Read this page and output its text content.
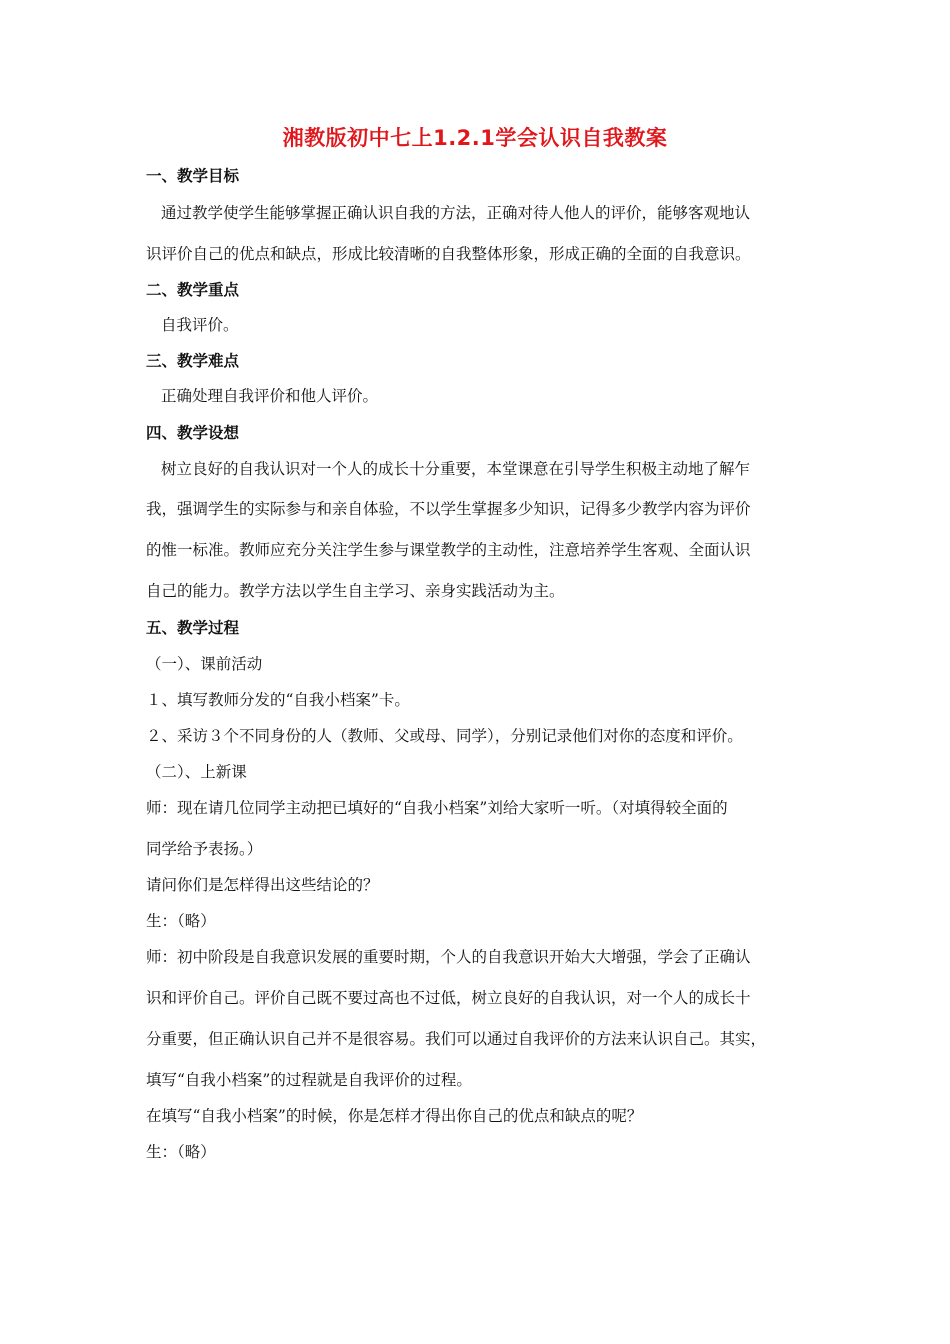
湘教版初中七上1.2.1学会认识自我教案
一、教学目标
通过教学使学生能够掌握正确认识自我的方法，正确对待人他人的评价，能够客观地认
识评价自己的优点和缺点，形成比较清晰的自我整体形象，形成正确的全面的自我意识。
二、教学重点
自我评价。
三、教学难点
正确处理自我评价和他人评价。
四、教学设想
树立良好的自我认识对一个人的成长十分重要，本堂课意在引导学生积极主动地了解乍
我，强调学生的实际参与和亲自体验，不以学生掌握多少知识，记得多少教学内容为评价
的惟一标准。教师应充分关注学生参与课堂教学的主动性，注意培养学生客观、全面认识
自己的能力。教学方法以学生自主学习、亲身实践活动为主。
五、教学过程
（一）、课前活动
１、填写教师分发的“自我小档案”卡。
２、采访３个不同身份的人（教师、父或母、同学），分别记录他们对你的态度和评价。
（二）、上新课
师：现在请几位同学主动把已填好的“自我小档案”刘给大家听一听。（对填得较全面的
同学给予表扬。）
请问你们是怎样得出这些结论的？
生：（略）
师：初中阶段是自我意识发展的重要时期，个人的自我意识开始大大增强，学会了正确认
识和评价自己。评价自己既不要过高也不过低，树立良好的自我认识，对一个人的成长十
分重要，但正确认识自己并不是很容易。我们可以通过自我评价的方法来认识自己。其实，
填写“自我小档案”的过程就是自我评价的过程。
在填写“自我小档案”的时候，你是怎样才得出你自己的优点和缺点的呢？
生：（略）
